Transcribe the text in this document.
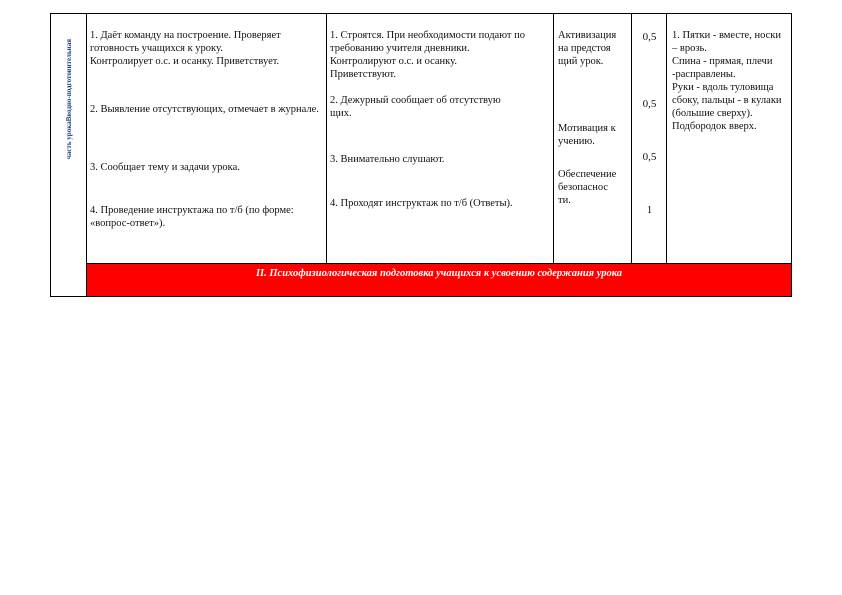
часть урокаВводно-подготовительная
1. Даёт команду на построение. Проверяет готовность учащихся к уроку.
Контролирует о.с. и осанку. Приветствует.
2. Выявление отсутствующих, отмечает в журнале.
3. Сообщает тему и задачи урока.
4. Проведение инструктажа по т/б (по форме: «вопрос-ответ»).
1. Строятся. При необходимости подают по требованию учителя дневники.
Контролируют о.с. и осанку.
Приветствуют.
2. Дежурный сообщает об отсутствую
щих.
3. Внимательно слушают.
4. Проходят инструктаж по т/б (Ответы).
Активизация
на предстоя
щий урок.
Мотивация к
учению.
Обеспечение
безопаснос
ти.
0,5
0,5
0,5
1
1. Пятки - вместе, носки – врозь.
Спина - прямая, плечи -расправлены.
Руки - вдоль туловища сбоку, пальцы - в кулаки (большие сверху).
Подбородок вверх.
II. Психофизиологическая подготовка учащихся к усвоению содержания урока
